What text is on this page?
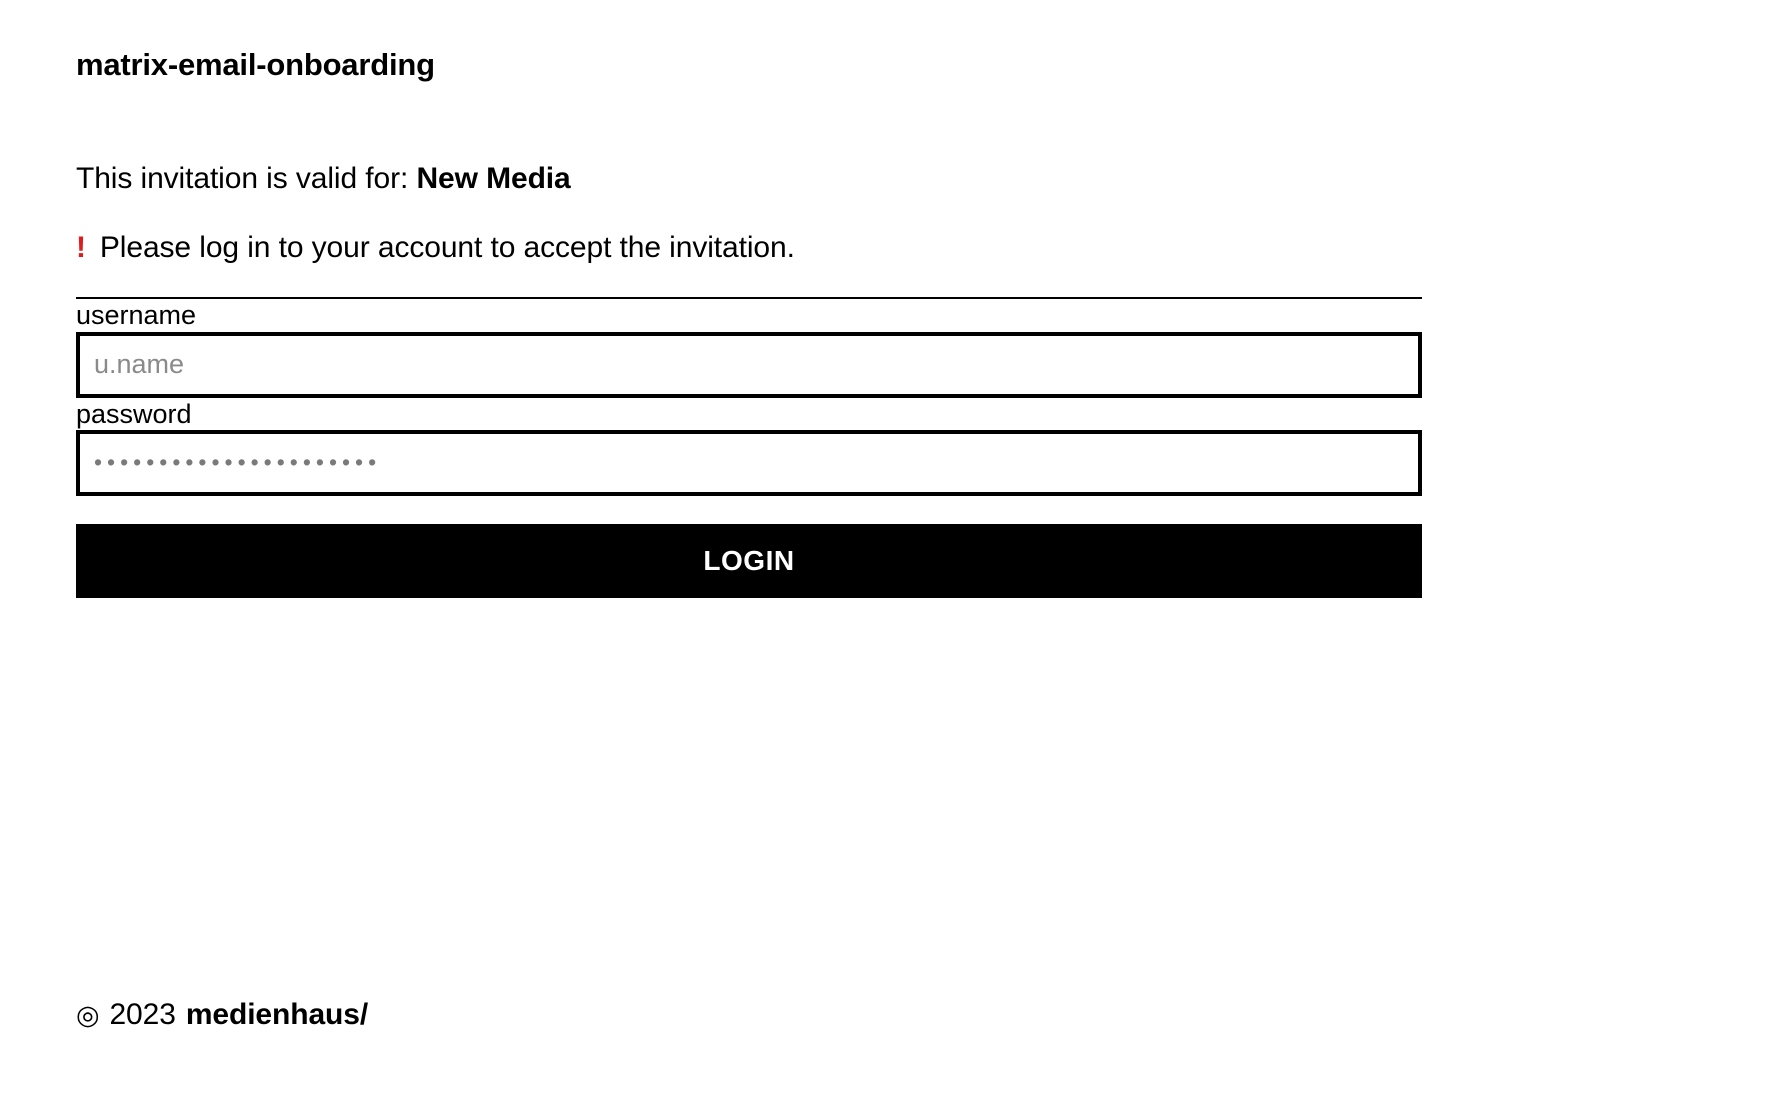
matrix-email-onboarding
This invitation is valid for: New Media
! Please log in to your account to accept the invitation.
username
u.name password
••••••••••••••••••••••
LOGIN
◎ 2023 medienhaus/
